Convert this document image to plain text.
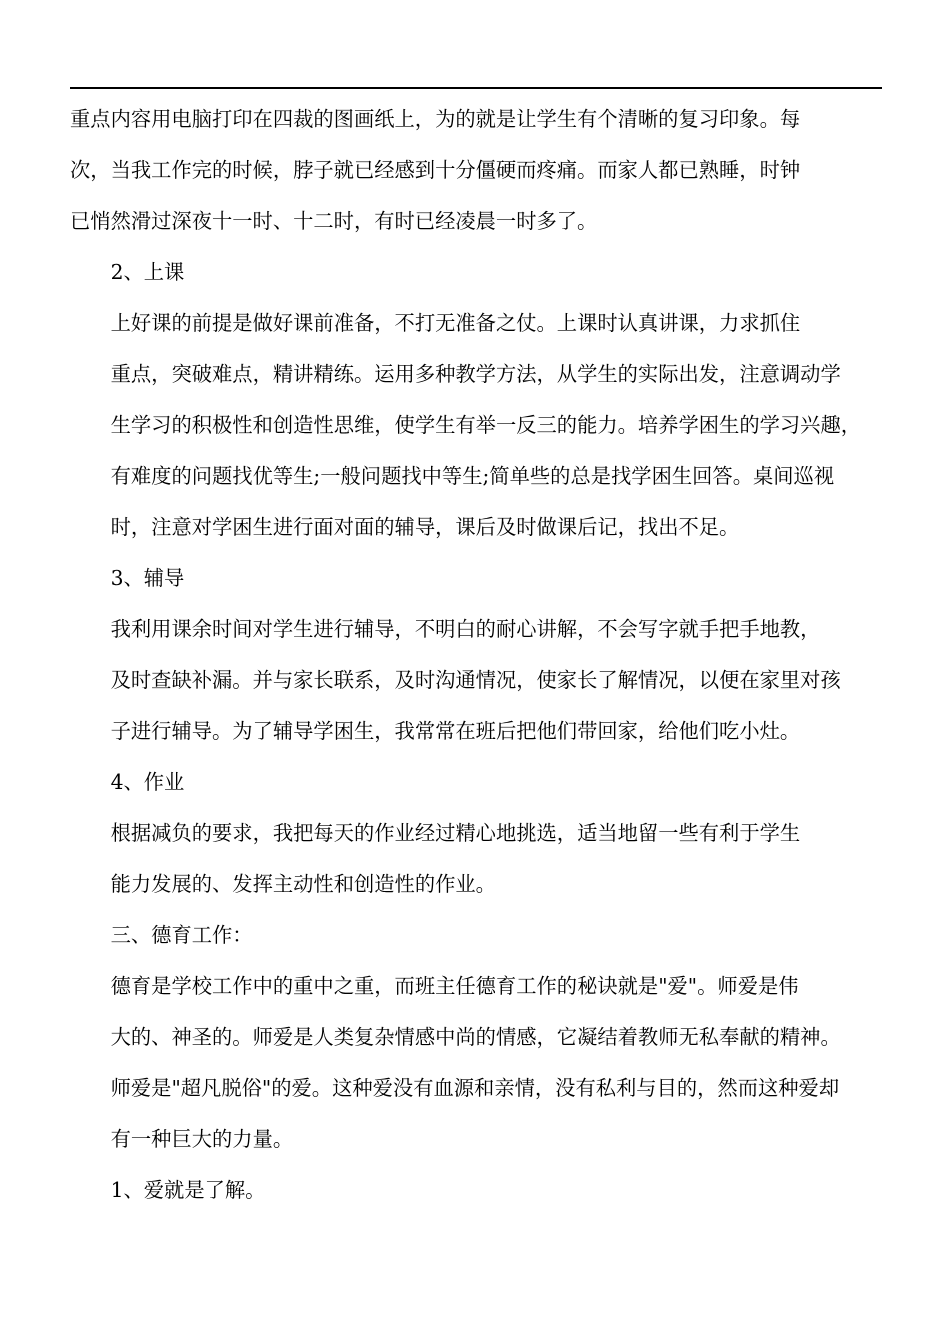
重点内容用电脑打印在四裁的图画纸上，为的就是让学生有个清晰的复习印象。每
次，当我工作完的时候，脖子就已经感到十分僵硬而疼痛。而家人都已熟睡，时钟
已悄然滑过深夜十一时、十二时，有时已经凌晨一时多了。

2、上课

上好课的前提是做好课前准备，不打无准备之仗。上课时认真讲课，力求抓住
重点，突破难点，精讲精练。运用多种教学方法，从学生的实际出发，注意调动学
生学习的积极性和创造性思维，使学生有举一反三的能力。培养学困生的学习兴趣，
有难度的问题找优等生;一般问题找中等生;简单些的总是找学困生回答。桌间巡视
时，注意对学困生进行面对面的辅导，课后及时做课后记，找出不足。

3、辅导

我利用课余时间对学生进行辅导，不明白的耐心讲解，不会写字就手把手地教，
及时查缺补漏。并与家长联系，及时沟通情况，使家长了解情况，以便在家里对孩
子进行辅导。为了辅导学困生，我常常在班后把他们带回家，给他们吃小灶。

4、作业

根据减负的要求，我把每天的作业经过精心地挑选，适当地留一些有利于学生
能力发展的、发挥主动性和创造性的作业。

三、德育工作：

德育是学校工作中的重中之重，而班主任德育工作的秘诀就是"爱"。师爱是伟
大的、神圣的。师爱是人类复杂情感中尚的情感，它凝结着教师无私奉献的精神。
师爱是"超凡脱俗"的爱。这种爱没有血源和亲情，没有私利与目的，然而这种爱却
有一种巨大的力量。

1、爱就是了解。
